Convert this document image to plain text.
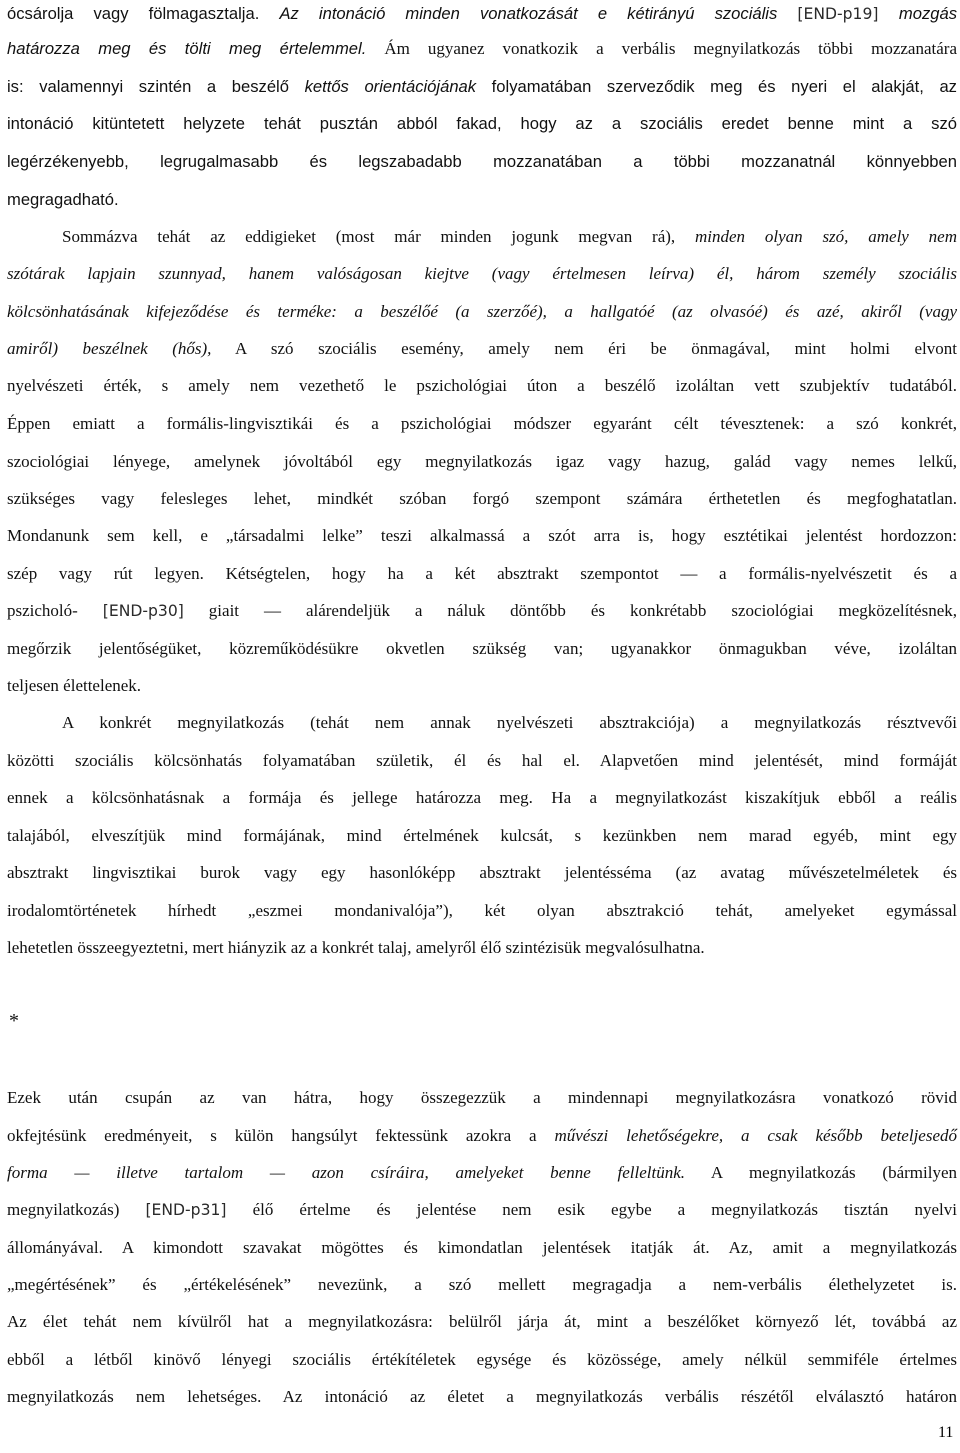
ócsárolja vagy fölmagasztalja. Az intonáció minden vonatkozását e kétirányú szociális [END-p19] mozgás
határozza meg és tölti meg értelemmel. Ám ugyanez vonatkozik a verbális megnyilatkozás többi mozzanatára
is: valamennyi szintén a beszélő kettős orientációjának folyamatában szerveződik meg és nyeri el alakját, az
intonáció kitüntetett helyzete tehát pusztán abból fakad, hogy az a szociális eredet benne mint a szó
legérzékenyebb, legrugalmasabb és legszabadabb mozzanatában a többi mozzanatnál könnyebben
megragadható.
Sommázva tehát az eddigieket (most már minden jogunk megvan rá), minden olyan szó, amely nem
szótárak lapjain szunnyad, hanem valóságosan kiejtve (vagy értelmesen leírva) él, három személy szociális
kölcsönhatásának kifejeződése és terméke: a beszélőé (a szerzőé), a hallgatóé (az olvasóé) és azé, akiről (vagy
amiről) beszélnek (hős), A szó szociális esemény, amely nem éri be önmagával, mint holmi elvont
nyelvészeti érték, s amely nem vezethető le pszichológiai úton a beszélő izoláltan vett szubjektív tudatából.
Éppen emiatt a formális-lingvisztikái és a pszichológiai módszer egyaránt célt tévesztenek: a szó konkrét,
szociológiai lényege, amelynek jóvoltából egy megnyilatkozás igaz vagy hazug, galád vagy nemes lelkű,
szükséges vagy felesleges lehet, mindkét szóban forgó szempont számára érthetetlen és megfoghatatlan.
Mondanunk sem kell, e „társadalmi lelke” teszi alkalmassá a szót arra is, hogy esztétikai jelentést hordozzon:
szép vagy rút legyen. Kétségtelen, hogy ha a két absztrakt szempontot — a formális-nyelvészetit és a
pszicholó- [END-p30] giait — alárendeljük a náluk döntőbb és konkrétabb szociológiai megközelítésnek,
megőrzik jelentőségüket, közreműködésükre okvetlen szükség van; ugyanakkor önmagukban véve, izoláltan
teljesen élettelenek.
A konkrét megnyilatkozás (tehát nem annak nyelvészeti absztrakciója) a megnyilatkozás résztvevői
közötti szociális kölcsönhatás folyamatában születik, él és hal el. Alapvetően mind jelentését, mind formáját
ennek a kölcsönhatásnak a formája és jellege határozza meg. Ha a megnyilatkozást kiszakítjuk ebből a reális
talajából, elveszítjük mind formájának, mind értelmének kulcsát, s kezünkben nem marad egyéb, mint egy
absztrakt lingvisztikai burok vagy egy hasonlóképp absztrakt jelentésséma (az avatag művészetelméletek és
irodalomtörténetek hírhedt „eszmei mondanivalója”), két olyan absztrakció tehát, amelyeket egymással
lehetetlen összeegyeztetni, mert hiányzik az a konkrét talaj, amelyről élő szintézisük megvalósulhatna.
Ezek után csupán az van hátra, hogy összegezzük a mindennapi megnyilatkozásra vonatkozó rövid
okfejtésünk eredményeit, s külön hangsúlyt fektessünk azokra a művészi lehetőségekre, a csak később beteljesedő
forma — illetve tartalom — azon csíráira, amelyeket benne felleltünk. A megnyilatkozás (bármilyen
megnyilatkozás) [END-p31] élő értelme és jelentése nem esik egybe a megnyilatkozás tisztán nyelvi
állományával. A kimondott szavakat mögöttes és kimondatlan jelentések itatják át. Az, amit a megnyilatkozás
„megértésének” és „értékelésének” nevezünk, a szó mellett megragadja a nem-verbális élethelyzetet is.
Az élet tehát nem kívülről hat a megnyilatkozásra: belülről járja át, mint a beszélőket környező lét, továbbá az
ebből a létből kinövő lényegi szociális értékítéletek egysége és közössége, amely nélkül semmiféle értelmes
megnyilatkozás nem lehetséges. Az intonáció az életet a megnyilatkozás verbális részétől elválasztó határon
*
11
